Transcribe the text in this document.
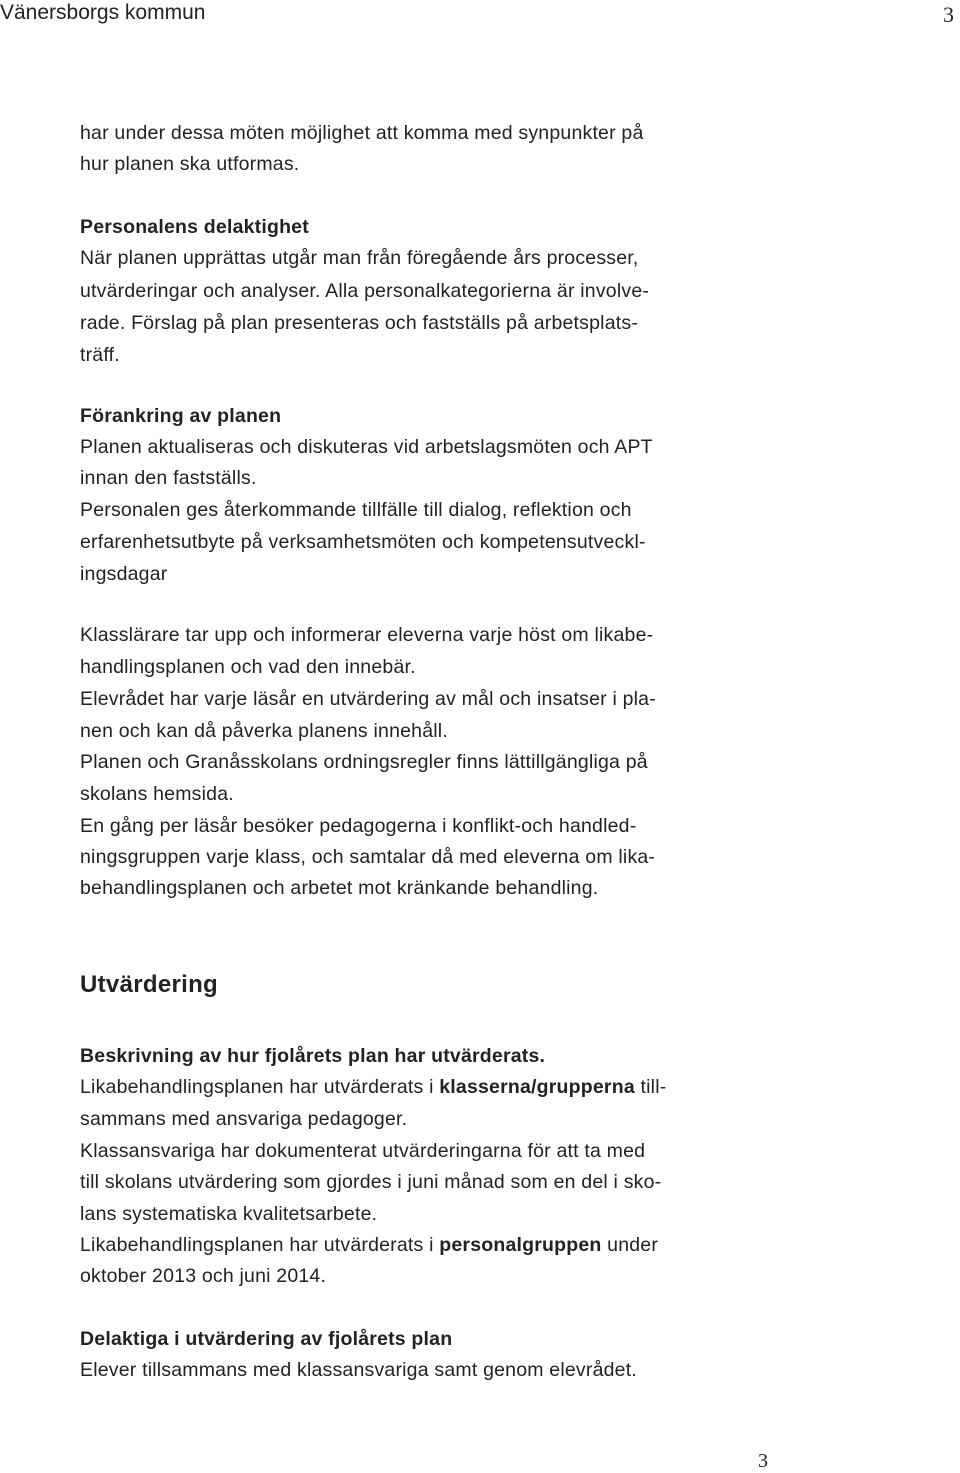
Vänersborgs kommun	3
har under dessa möten möjlighet att komma med synpunkter på
hur planen ska utformas.
Personalens delaktighet
När planen upprättas utgår man från föregående års processer,
utvärderingar och analyser. Alla personalkategorierna är involve-
rade. Förslag på plan presenteras och fastställs på arbetsplats-
träff.
Förankring av planen
Planen aktualiseras och diskuteras vid arbetslagsmöten och APT
innan den fastställs.
Personalen ges återkommande tillfälle till dialog, reflektion och
erfarenhetsutbyte på verksamhetsmöten och kompetensutveckl-
ingsdagar
Klasslärare tar upp och informerar eleverna varje höst om likabe-
handlingsplanen och vad den innebär.
Elevrådet har varje läsår en utvärdering av mål och insatser i pla-
nen och kan då påverka planens innehåll.
Planen och Granåsskolans ordningsregler finns lättillgängliga på
skolans hemsida.
En gång per läsår besöker pedagogerna i konflikt-och handled-
ningsgruppen varje klass, och samtalar då med eleverna om lika-
behandlingsplanen och arbetet mot kränkande behandling.
Utvärdering
Beskrivning av hur fjolårets plan har utvärderats.
Likabehandlingsplanen har utvärderats i klasserna/grupperna till-
sammans med ansvariga pedagoger.
Klassansvariga har dokumenterat utvärderingarna för att ta med
till skolans utvärdering som gjordes i juni månad som en del i sko-
lans systematiska kvalitetsarbete.
Likabehandlingsplanen har utvärderats i personalgruppen under
oktober 2013 och juni 2014.
Delaktiga i utvärdering av fjolårets plan
Elever tillsammans med klassansvariga samt genom elevrådet.
3
